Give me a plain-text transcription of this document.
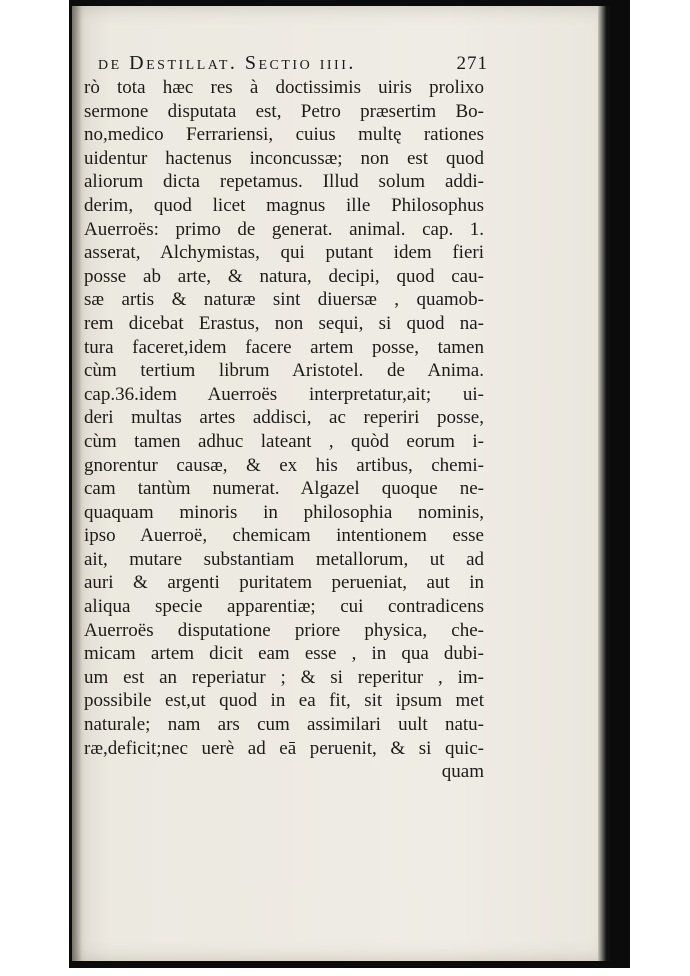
de Destillat. Sectio iiii.	271
rò tota hæc res à doctissimis uiris prolixo
sermone disputata est, Petro præsertim Bo-
no,medico Ferrariensi, cuius multę rationes
uidentur hactenus inconcussæ; non est quod
aliorum dicta repetamus. Illud solum addi-
derim, quod licet magnus ille Philosophus
Auerroës: primo de generat. animal. cap. 1.
asserat, Alchymistas, qui putant idem fieri
posse ab arte, & natura, decipi, quod cau-
sæ artis & naturæ sint diuersæ , quamob-
rem dicebat Erastus, non sequi, si quod na-
tura faceret,idem facere artem posse, tamen
cùm tertium librum Aristotel. de Anima.
cap.36.idem Auerroës interpretatur,ait; ui-
deri multas artes addisci, ac reperiri posse,
cùm tamen adhuc lateant , quòd eorum i-
gnorentur causæ, & ex his artibus, chemi-
cam tantùm numerat. Algazel quoque ne-
quaquam minoris in philosophia nominis,
ipso Auerroë, chemicam intentionem esse
ait, mutare substantiam metallorum, ut ad
auri & argenti puritatem perueniat, aut in
aliqua specie apparentiæ; cui contradicens
Auerroës disputatione priore physica, che-
micam artem dicit eam esse , in qua dubi-
um est an reperiatur ; & si reperitur , im-
possibile est,ut quod in ea fit, sit ipsum met
naturale; nam ars cum assimilari uult natu-
ræ,deficit;nec uerè ad eā peruenit, & si quic-
quam
